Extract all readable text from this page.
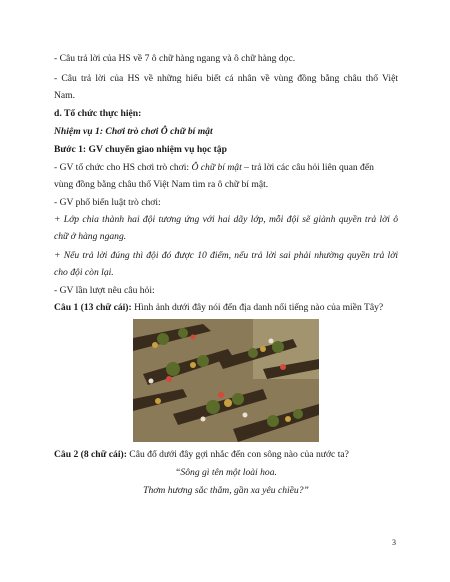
- Câu trả lời của HS về 7 ô chữ hàng ngang và ô chữ hàng dọc.
- Câu trả lời của HS về những hiểu biết cá nhân về vùng đồng bằng châu thổ Việt
Nam.
d. Tổ chức thực hiện:
Nhiệm vụ 1: Chơi trò chơi Ô chữ bí mật
Bước 1: GV chuyển giao nhiệm vụ học tập
- GV tổ chức cho HS chơi trò chơi: Ô chữ bí mật – trả lời các câu hỏi liên quan đến
vùng đồng bằng châu thổ Việt Nam tìm ra ô chữ bí mật.
- GV phổ biến luật trò chơi:
+ Lớp chia thành hai đội tương ứng với hai dãy lớp, mỗi đội sẽ giành quyền trả lời ô
chữ ở hàng ngang.
+ Nếu trả lời đúng thì đội đó được 10 điểm, nếu trả lời sai phải nhường quyền trả lời
cho đội còn lại.
- GV lần lượt nêu câu hỏi:
Câu 1 (13 chữ cái): Hình ảnh dưới đây nói đến địa danh nổi tiếng nào của miền Tây?
Câu 2 (8 chữ cái): Câu đố dưới đây gợi nhắc đến con sông nào của nước ta?
“Sông gì tên một loài hoa.
Thơm hương sắc thắm, gần xa yêu chiều?”
3
